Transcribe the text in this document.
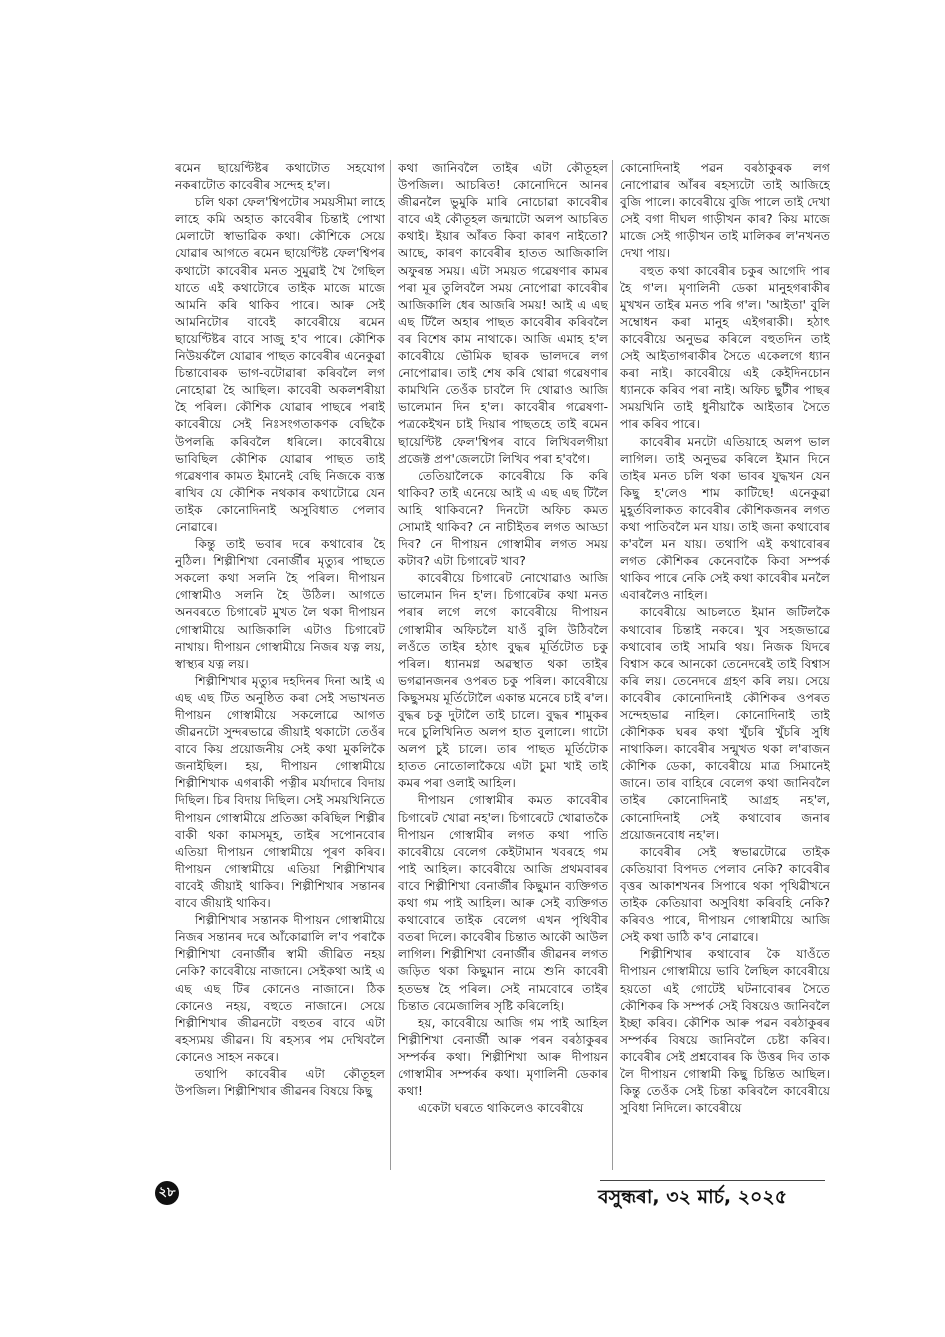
ৰমেন ছায়েণ্টিষ্টৰ কথাটোত সহযোগ নকৰাটোত কাবেৰীৰ সন্দেহ হ'ল।

চলি থকা ফেল'শ্বিপটোৰ সময়সীমা লাহে লাহে কমি অহাত কাবেৰীৰ চিন্তাই পোখা মেলাটো স্বাভাৱিক কথা। কৌশিকে সেয়ে যোৱাৰ আগতে ৰমেন ছায়েণ্টিষ্ট ফেল'শ্বিপৰ কথাটো কাবেৰীৰ মনত সুমুৱাই খৈ গৈছিল যাতে এই কথাটোৰে তাইক মাজে মাজে আমনি কৰি থাকিব পাৰে। আৰু সেই আমনিটোৰ বাবেই কাবেৰীয়ে ৰমেন ছায়েণ্টিষ্টৰ বাবে সাজু হ'ব পাৰে। কৌশিক নিউয়ৰ্কলৈ যোৱাৰ পাছত কাবেৰীৰ এনেকুৱা চিন্তাবোৰক ভাগ-বটোৱাৰা কৰিবলৈ লগ নোহোৱা হৈ আছিল। কাবেৰী অকলশৰীয়া হৈ পৰিল। কৌশিক যোৱাৰ পাছৰে পৰাই কাবেৰীয়ে সেই নিঃসংগতাকণক বেছিকৈ উপলব্ধি কৰিবলৈ ধৰিলে। কাবেৰীয়ে ভাবিছিল কৌশিক যোৱাৰ পাছত তাই গৱেষণাৰ কামত ইমানেই বেছি নিজকে ব্যস্ত ৰাখিব যে কৌশিক নথকাৰ কথাটোৱে যেন তাইক কোনোদিনাই অসুবিধাত পেলাব নোৱাৰে।

কিন্তু তাই ভবাৰ দৰে কথাবোৰ হৈ নুঠিল। শিল্পীশিখা বেনাৰ্জীৰ মৃত্যুৰ পাছতে সকলো কথা সলনি হৈ পৰিল। দীপায়ন গোস্বামীও সলনি হৈ উঠিল। আগতে অনবৰতে চিগাৰেট মুখত লৈ থকা দীপায়ন গোস্বামীয়ে আজিকালি এটাও চিগাৰেট নাখায়। দীপায়ন গোস্বামীয়ে নিজৰ যত্ন লয়, স্বাস্থ্যৰ যত্ন লয়।

শিল্পীশিখাৰ মৃত্যুৰ দহদিনৰ দিনা আই এ এছ এছ টিত অনুষ্ঠিত কৰা সেই সভাখনত দীপায়ন গোস্বামীয়ে সকলোৱে আগত জীৱনটো সুন্দৰভাৱে জীয়াই থকাটো তেওঁৰ বাবে কিয় প্ৰয়োজনীয় সেই কথা মুকলিকৈ জনাইছিল। হয়, দীপায়ন গোস্বামীয়ে শিল্পীশিখাক এগৰাকী পত্নীৰ মৰ্যাদাৰে বিদায় দিছিল। চিৰ বিদায় দিছিল। সেই সময়খিনিতে দীপায়ন গোস্বামীয়ে প্ৰতিজ্ঞা কৰিছিল শিল্পীৰ বাকী থকা কামসমূহ, তাইৰ সপোনবোৰ এতিয়া দীপায়ন গোস্বামীয়ে পূৰণ কৰিব। দীপায়ন গোস্বামীয়ে এতিয়া শিল্পীশিখাৰ বাবেই জীয়াই থাকিব। শিল্পীশিখাৰ সন্তানৰ বাবে জীয়াই থাকিব।

শিল্পীশিখাৰ সন্তানক দীপায়ন গোস্বামীয়ে নিজৰ সন্তানৰ দৰে আঁকোৱালি ল'ব পৰাকৈ শিল্পীশিখা বেনাৰ্জীৰ স্বামী জীৱিত নহয় নেকি? কাবেৰীয়ে নাজানে। সেইকথা আই এ এছ এছ টিৰ কোনেও নাজানে। ঠিক কোনেও নহয়, বহুতে নাজানে। সেয়ে শিল্পীশিখাৰ জীৱনটো বহুতৰ বাবে এটা ৰহস্যময় জীৱন। যি ৰহস্যৰ পম দেখিবলৈ কোনেও সাহস নকৰে।

তথাপি কাবেৰীৰ এটা কৌতূহল উপজিল। শিল্পীশিখাৰ জীৱনৰ বিষয়ে কিছু

কথা জানিবলৈ তাইৰ এটা কৌতূহল উপজিল। আচৰিত! কোনোদিনে আনৰ জীৱনলৈ ভুমুকি মাৰি নোচোৱা কাবেৰীৰ বাবে এই কৌতূহল জন্মাটো অলপ আচৰিত কথাই। ইয়াৰ আঁৰত কিবা কাৰণ নাইতো? আছে, কাৰণ কাবেৰীৰ হাতত আজিকালি অফুৰন্ত সময়। এটা সময়ত গৱেষণাৰ কামৰ পৰা মূৰ তুলিবলৈ সময় নোপোৱা কাবেৰীৰ আজিকালি ধেৰ আজৰি সময়! আই এ এছ এছ টিলৈ অহাৰ পাছত কাবেৰীৰ কৰিবলৈ বৰ বিশেষ কাম নাথাকে। আজি এমাহ হ'ল কাবেৰীয়ে ভৌমিক ছাৰক ভালদৰে লগ নোপোৱাৰ। তাই শেষ কৰি থোৱা গৱেষণাৰ কামখিনি তেওঁক চাবলৈ দি থোৱাও আজি ভালেমান দিন হ'ল। কাবেৰীৰ গৱেষণা-পত্ৰকেইখন চাই দিয়াৰ পাছতহে তাই ৰমেন ছায়েণ্টিষ্ট ফেল'শ্বিপৰ বাবে লিখিবলগীয়া প্ৰজেক্ট প্ৰপ'জেলটো লিখিব পৰা হ'বগৈ।

তেতিয়ালৈকে কাবেৰীয়ে কি কৰি থাকিব? তাই এনেয়ে আই এ এছ এছ টিলৈ আহি থাকিবনে? দিনটো অফিচ কমত সোমাই থাকিব? নে নাচীইতৰ লগত আড্ডা দিব? নে দীপায়ন গোস্বামীৰ লগত সময় কটাব? এটা চিগাৰেট খাব?

কাবেৰীয়ে চিগাৰেট নোখোৱাও আজি ভালেমান দিন হ'ল। চিগাৰেটৰ কথা মনত পৰাৰ লগে লগে কাবেৰীয়ে দীপায়ন গোস্বামীৰ অফিচলৈ যাওঁ বুলি উঠিবলৈ লওঁতে তাইৰ হঠাৎ বুদ্ধৰ মূৰ্তিটোত চকু পৰিল। ধ্যানমগ্ন অৱস্থাত থকা তাইৰ ভগৱানজনৰ ওপৰত চকু পৰিল। কাবেৰীয়ে কিছুসময় মূৰ্তিটোলৈ একান্ত মনেৰে চাই ৰ'ল। বুদ্ধৰ চকু দুটালৈ তাই চালে। বুদ্ধৰ শামুকৰ দৰে চুলিখিনিত অলপ হাত বুলালে। গাটো অলপ চুই চালে। তাৰ পাছত মূৰ্তিটোক হাতত নোতোলাকৈয়ে এটা চুমা খাই তাই কমৰ পৰা ওলাই আহিল।

দীপায়ন গোস্বামীৰ কমত কাবেৰীৰ চিগাৰেট খোৱা নহ'ল। চিগাৰেটে খোৱাতকৈ দীপায়ন গোস্বামীৰ লগত কথা পাতি কাবেৰীয়ে বেলেগ কেইটামান খবৰহে গম পাই আহিল। কাবেৰীয়ে আজি প্ৰথমবাৰৰ বাবে শিল্পীশিখা বেনাৰ্জীৰ কিছুমান ব্যক্তিগত কথা গম পাই আহিল। আৰু সেই ব্যক্তিগত কথাবোৰে তাইক বেলেগ এখন পৃথিবীৰ বতৰা দিলে। কাবেৰীৰ চিন্তাত আকৌ আউল লাগিল। শিল্পীশিখা বেনাৰ্জীৰ জীৱনৰ লগত জড়িত থকা কিছুমান নামে শুনি কাবেৰী হতভম্ব হৈ পৰিল। সেই নামবোৰে তাইৰ চিন্তাত বেমেজালিৰ সৃষ্টি কৰিলেহি।

হয়, কাবেৰীয়ে আজি গম পাই আহিল শিল্পীশিখা বেনাৰ্জী আৰু পৰন বৰঠাকুৰৰ সম্পৰ্কৰ কথা। শিল্পীশিখা আৰু দীপায়ন গোস্বামীৰ সম্পৰ্কৰ কথা। মৃণালিনী ডেকাৰ কথা!

একেটা ঘৰতে থাকিলেও কাবেৰীয়ে

কোনোদিনাই পৱন বৰঠাকুৰক লগ নোপোৱাৰ আঁৰৰ ৰহস্যটো তাই আজিহে বুজি পালে। কাবেৰীয়ে বুজি পালে তাই দেখা সেই বগা দীঘল গাড়ীখন কাৰ? কিয় মাজে মাজে সেই গাড়ীখন তাই মালিকৰ ল'নখনত দেখা পায়।

বহুত কথা কাবেৰীৰ চকুৰ আগেদি পাৰ হৈ গ'ল। মৃণালিনী ডেকা মানুহগৰাকীৰ মুখখন তাইৰ মনত পৰি গ'ল। 'আইতা' বুলি সম্বোধন কৰা মানুহ এইগৰাকী। হঠাৎ কাবেৰীয়ে অনুভৱ কৰিলে বহুতদিন তাই সেই আইতাগৰাকীৰ সৈতে একেলগে ধ্যান কৰা নাই। কাবেৰীয়ে এই কেইদিনচোন ধ্যানকে কৰিব পৰা নাই। অফিচ ছুটীৰ পাছৰ সময়খিনি তাই ধুনীয়াকৈ আইতাৰ সৈতে পাৰ কৰিব পাৰে।

কাবেৰীৰ মনটো এতিয়াহে অলপ ভাল লাগিল। তাই অনুভৱ কৰিলে ইমান দিনে তাইৰ মনত চলি থকা ভাবৰ যুদ্ধখন যেন কিছু হ'লেও শাম কাটিছে! এনেকুৱা মুহূৰ্তবিলাকত কাবেৰীৰ কৌশিকজনৰ লগত কথা পাতিবলৈ মন যায়। তাই জনা কথাবোৰ ক'বলৈ মন যায়। তথাপি এই কথাবোৰৰ লগত কৌশিকৰ কেনেবাকৈ কিবা সম্পৰ্ক থাকিব পাৰে নেকি সেই কথা কাবেৰীৰ মনলৈ এবাৰলৈও নাহিল।

কাবেৰীয়ে আচলতে ইমান জটিলকৈ কথাবোৰ চিন্তাই নকৰে। খুব সহজভাৱে কথাবোৰ তাই সামৰি থয়। নিজক যিদৰে বিশ্বাস কৰে আনকো তেনেদৰেই তাই বিশ্বাস কৰি লয়। তেনেদৰে গ্ৰহণ কৰি লয়। সেয়ে কাবেৰীৰ কোনোদিনাই কৌশিকৰ ওপৰত সন্দেহভাৱ নাহিল। কোনোদিনাই তাই কৌশিকক ঘৰৰ কথা খুঁচৰি খুঁচৰি সুধি নাথাকিল। কাবেৰীৰ সন্মুখত থকা ল'ৰাজন কৌশিক ডেকা, কাবেৰীয়ে মাত্ৰ সিমানেই জানে। তাৰ বাহিৰে বেলেগ কথা জানিবলৈ তাইৰ কোনোদিনাই আগ্ৰহ নহ'ল, কোনোদিনাই সেই কথাবোৰ জনাৰ প্ৰয়োজনবোধ নহ'ল।

কাবেৰীৰ সেই স্বভাৱটোৱে তাইক কেতিয়াবা বিপদত পেলাব নেকি? কাবেৰীৰ বৃত্তৰ আকাশখনৰ সিপাৰে থকা পৃথিৱীখনে তাইক কেতিয়াবা অসুবিধা কৰিবহি নেকি? কৰিবও পাৰে, দীপায়ন গোস্বামীয়ে আজি সেই কথা ডাঠি ক'ব নোৱাৰে।

শিল্পীশিখাৰ কথাবোৰ কৈ যাওঁতে দীপায়ন গোস্বামীয়ে ভাবি লৈছিল কাবেৰীয়ে হয়তো এই গোটেই ঘটনাবোৰৰ সৈতে কৌশিকৰ কি সম্পৰ্ক সেই বিষয়েও জানিবলৈ ইচ্ছা কৰিব। কৌশিক আৰু পৱন বৰঠাকুৰৰ সম্পৰ্কৰ বিষয়ে জানিবলৈ চেষ্টা কৰিব। কাবেৰীৰ সেই প্ৰশ্নবোৰৰ কি উত্তৰ দিব তাক লৈ দীপায়ন গোস্বামী কিছু চিন্তিত আছিল। কিন্তু তেওঁক সেই চিন্তা কৰিবলৈ কাবেৰীয়ে সুবিধা নিদিলে। কাবেৰীয়ে

২৮	বসুন্ধৰা, ৩২ মাৰ্চ, ২০২৫
